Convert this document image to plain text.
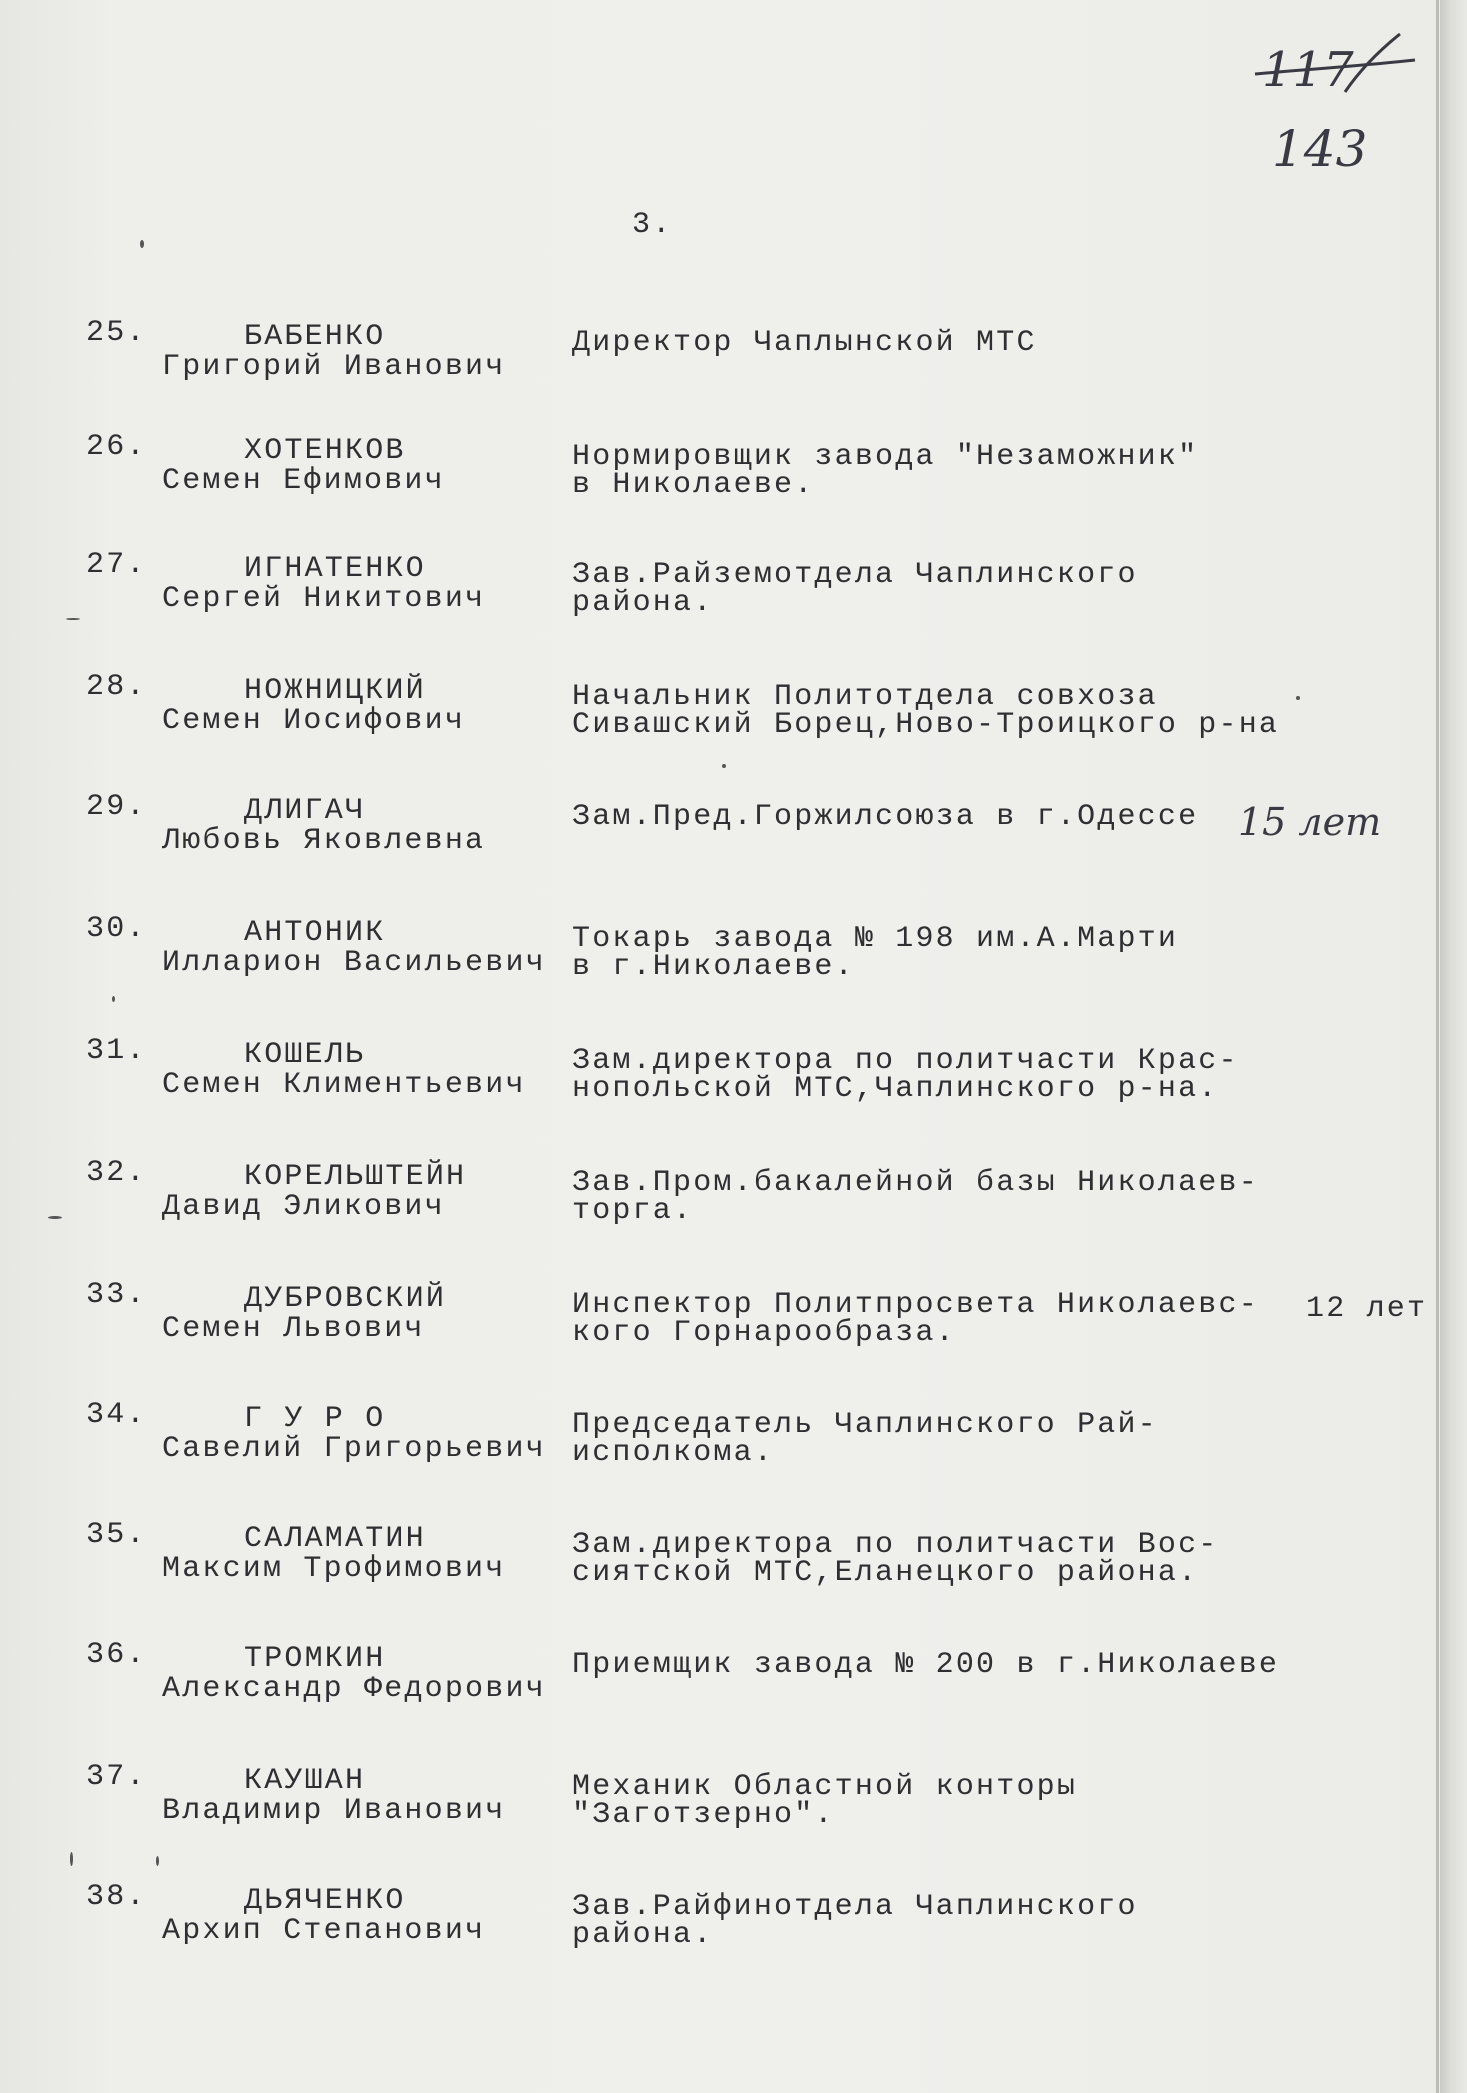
117
143
3.
25.	БАБЕНКО
Григорий Иванович
Директор Чаплынской МТС
26.	ХОТЕНКОВ
Семен Ефимович
Нормировщик завода "Незаможник"
в Николаеве.
27.	ИГНАТЕНКО
Сергей Никитович
Зав.Райземотдела Чаплинского
района.
28.	НОЖНИЦКИЙ
Семен Иосифович
Начальник Политотдела совхоза
Сивашский Борец,Ново-Троицкого р-на
29.	ДЛИГАЧ
Любовь Яковлевна
Зам.Пред.Горжилсоюза в г.Одессе 15 лет
30.	АНТОНИК
Илларион Васильевич
Токарь завода № 198 им.А.Марти
в г.Николаеве.
31.	КОШЕЛЬ
Семен Климентьевич
Зам.директора по политчасти Крас-
нопольской МТС,Чаплинского р-на.
32.	КОРЕЛЬШТЕЙН
Давид Эликович
Зав.Пром.бакалейной базы Николаев-
торга.
33.	ДУБРОВСКИЙ
Семен Львович
Инспектор Политпросвета Николаевс-
кого Горнарообраза.
12 лет
34.	Г У Р О
Савелий Григорьевич
Председатель Чаплинского Рай-
исполкома.
35.	САЛАМАТИН
Максим Трофимович
Зам.директора по политчасти Вос-
сиятской МТС,Еланецкого района.
36.	ТРОМКИН
Александр Федорович
Приемщик завода № 200 в г.Николаеве
37.	КАУШАН
Владимир Иванович
Механик Областной конторы
"Заготзерно".
38.	ДЬЯЧЕНКО
Архип Степанович
Зав.Райфинотдела Чаплинского
района.
